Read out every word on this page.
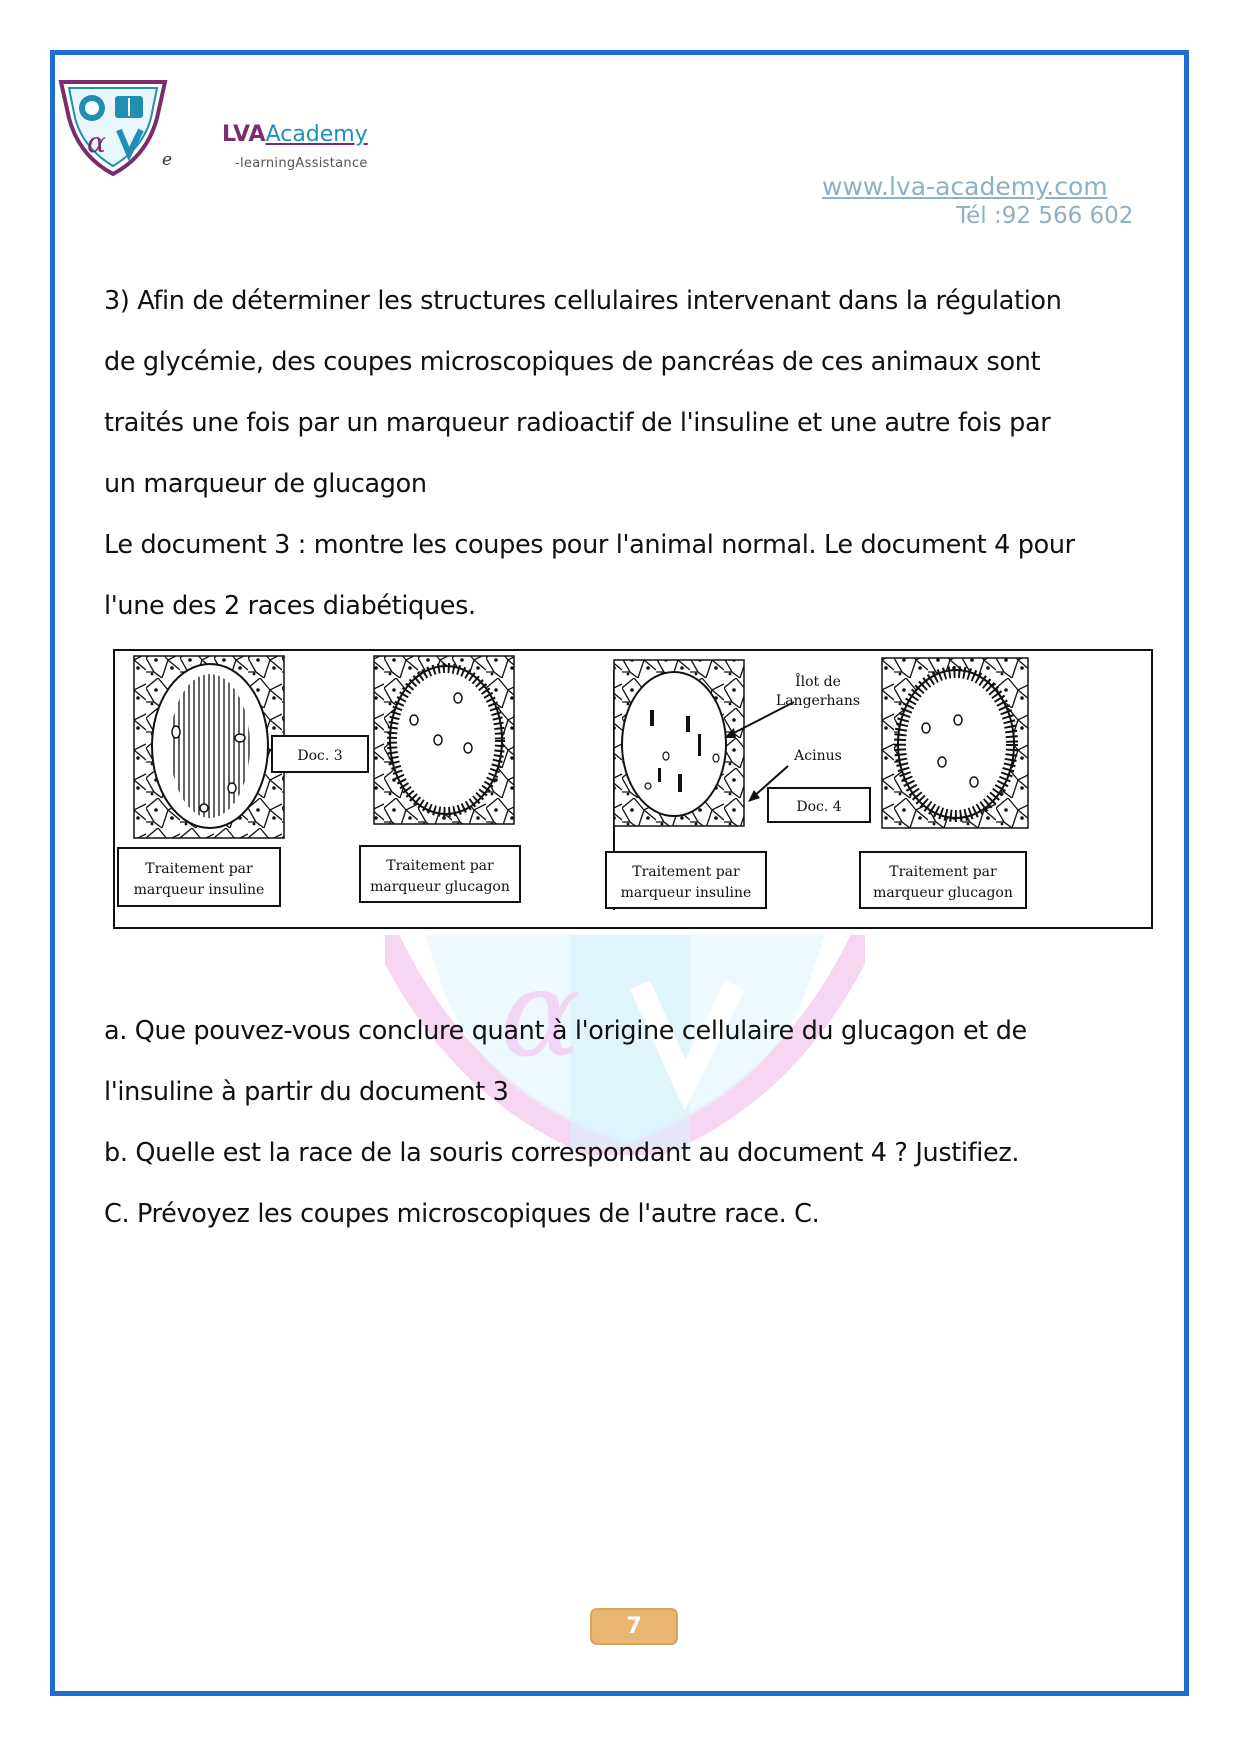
α
e
LVAAcademy
-learningAssistance
www.lva-academy.com
Tél :92 566 602
α
3) Afin de déterminer les structures cellulaires intervenant dans la régulation
de glycémie, des coupes microscopiques de pancréas de ces animaux sont
traités une fois par un marqueur radioactif de l'insuline et une autre fois par
un marqueur de glucagon
Le document 3 : montre les coupes pour l'animal normal. Le document 4 pour
l'une des 2 races diabétiques.
Doc. 3
Îlot de
Langerhans
Acinus
Doc. 4
Traitement par
marqueur insuline
Traitement par
marqueur glucagon
Traitement par
marqueur insuline
Traitement par
marqueur glucagon
a. Que pouvez-vous conclure quant à l'origine cellulaire du glucagon et de
l'insuline à partir du document 3
b. Quelle est la race de la souris correspondant au document 4 ? Justifiez.
C. Prévoyez les coupes microscopiques de l'autre race. C.
7
